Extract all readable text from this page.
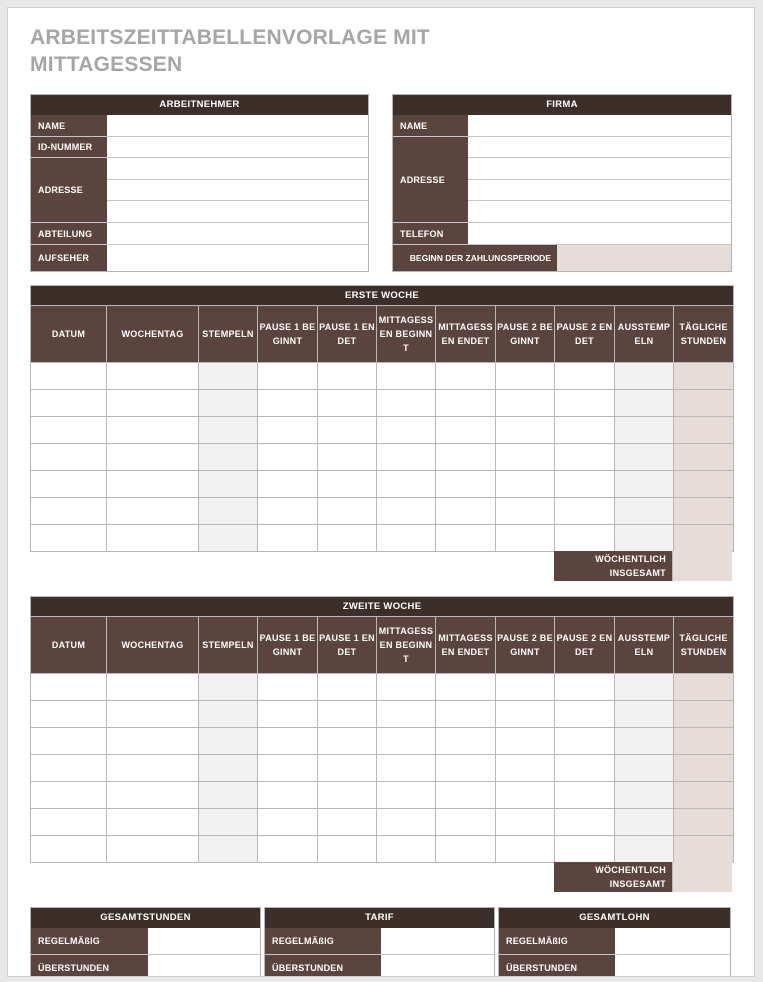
ARBEITSZEITTABELLENVORLAGE MIT MITTAGESSEN
ARBEITNEHMER
NAME
ID-NUMMER
ADRESSE
ABTEILUNG
AUFSEHER
FIRMA
NAME
ADRESSE
TELEFON
BEGINN DER ZAHLUNGSPERIODE
ERSTE WOCHE										
DATUM	WOCHENTAG	STEMPELN	PAUSE 1 BEGINNT	PAUSE 1 ENDET	MITTAGESSEN BEGINNT	MITTAGESSEN ENDET	PAUSE 2 BEGINNT	PAUSE 2 ENDET	AUSSTEMPELN	TÄGLICHE STUNDEN

WÖCHENTLICH INSGESAMT
ZWEITE WOCHE										
DATUM	WOCHENTAG	STEMPELN	PAUSE 1 BEGINNT	PAUSE 1 ENDET	MITTAGESSEN BEGINNT	MITTAGESSEN ENDET	PAUSE 2 BEGINNT	PAUSE 2 ENDET	AUSSTEMPELN	TÄGLICHE STUNDEN

WÖCHENTLICH INSGESAMT
GESAMTSTUNDEN
REGELMÄßIG
ÜBERSTUNDEN
TARIF
REGELMÄßIG
ÜBERSTUNDEN
GESAMTLOHN
REGELMÄßIG
ÜBERSTUNDEN
